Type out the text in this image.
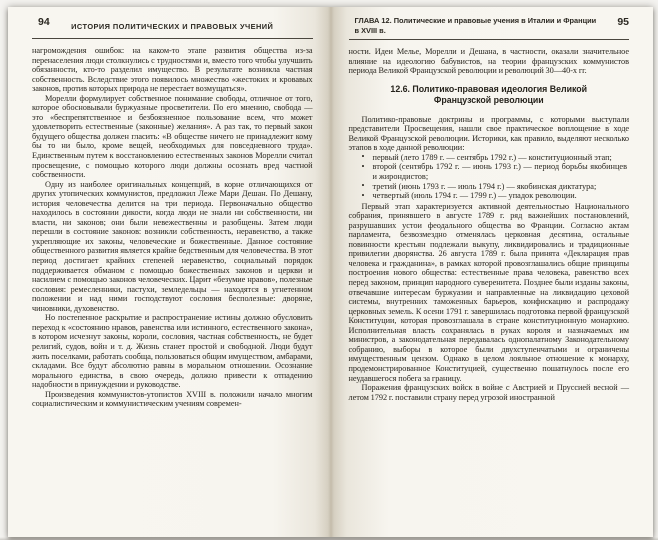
94	ИСТОРИЯ ПОЛИТИЧЕСКИХ И ПРАВОВЫХ УЧЕНИЙ

нагромождения ошибок: на каком-то этапе развития общества из-за перенаселения люди столкнулись с трудностями и, вместо того чтобы улучшить обязанности, кто-то разделил имущество. В результате возникла частная собственность. Вследствие этого появилось множество «жестоких и кровавых законов, против которых природа не перестает возмущаться».

Морелли формулирует собственное понимание свободы, отличное от того, которое обосновывали буржуазные просветители. По его мнению, свобода — это «беспрепятственное и безбоязненное пользование всем, что может удовлетворить естественные (законные) желания». А раз так, то первый закон будущего общества должен гласить: «В обществе ничего не принадлежит кому бы то ни было, кроме вещей, необходимых для повседневного труда». Единственным путем к восстановлению естественных законов Морелли считал просвещение, с помощью которого люди должны осознать вред частной собственности.

Одну из наиболее оригинальных концепций, в корне отличающихся от других утопических коммунистов, предложил Леже Мари Дешан. По Дешану, история человечества делится на три периода. Первоначально общество находилось в состоянии дикости, когда люди не знали ни собственности, ни власти, ни законов; они были невежественны и разобщены. Затем люди перешли в состояние законов: возникли собственность, неравенство, а также укрепляющие их законы, человеческие и божественные. Данное состояние общественного развития является крайне бедственным для человечества. В этот период достигает крайних степеней неравенство, социальный порядок поддерживается обманом с помощью божественных законов и церкви и насилием с помощью законов человеческих. Царит «безумие нравов», полезные сословия: ремесленники, пастухи, земледельцы — находятся в угнетенном положении и над ними господствуют сословия бесполезные: дворяне, чиновники, духовенство.

Но постепенное раскрытие и распространение истины должно обусловить переход к «состоянию нравов, равенства или истинного, естественного закона», в котором исчезнут законы, короли, сословия, частная собственность, не будет религий, судов, войн и т. д. Жизнь станет простой и свободной. Люди будут жить поселками, работать сообща, пользоваться общим имуществом, амбарами, складами. Все будут абсолютно равны в моральном отношении. Осознание морального единства, в свою очередь, должно привести к отпадению надобности в принуждении и руководстве.

Произведения коммунистов-утопистов XVIII в. положили начало многим социалистическим и коммунистическим учениям современ-

ГЛАВА 12. Политические и правовые учения в Италии и Франции в XVIII в.
95

ности. Идеи Мелье, Морелли и Дешана, в частности, оказали значительное влияние на идеологию бабувистов, на теории французских коммунистов периода Великой Французской революции и революций 30—40-х гг.

12.6. Политико-правовая идеология Великой Французской революции

Политико-правовые доктрины и программы, с которыми выступали представители Просвещения, нашли свое практическое воплощение в ходе Великой Французской революции. Историки, как правило, выделяют несколько этапов в ходе данной революции:

• первый (лето 1789 г. — сентябрь 1792 г.) — конституционный этап;
• второй (сентябрь 1792 г. — июнь 1793 г.) — период борьбы якобинцев и жирондистов;
• третий (июнь 1793 г. — июль 1794 г.) — якобинская диктатура;
• четвертый (июль 1794 г. — 1799 г.) — упадок революции.

Первый этап характеризуется активной деятельностью Национального собрания, принявшего в августе 1789 г. ряд важнейших постановлений, разрушавших устои феодального общества во Франции. Согласно актам парламента, безвозмездно отменялась церковная десятина, остальные повинности крестьян подлежали выкупу, ликвидировались и традиционные привилегии дворянства. 26 августа 1789 г. была принята «Декларация прав человека и гражданина», в рамках которой провозглашались общие принципы построения нового общества: естественные права человека, равенство всех перед законом, принцип народного суверенитета. Позднее были изданы законы, отвечавшие интересам буржуазии и направленные на ликвидацию цеховой системы, внутренних таможенных барьеров, конфискацию и распродажу церковных земель. К осени 1791 г. завершилась подготовка первой французской Конституции, которая провозглашала в стране конституционную монархию. Исполнительная власть сохранялась в руках короля и назначаемых им министров, а законодательная передавалась однопалатному Законодательному собранию, выборы в которое были двухступенчатыми и ограничены имущественным цензом. Однако в целом лояльное отношение к монарху, продемонстрированное Конституцией, существенно пошатнулось после его неудавшегося побега за границу.

Поражения французских войск в войне с Австрией и Пруссией весной — летом 1792 г. поставили страну перед угрозой иностранной
